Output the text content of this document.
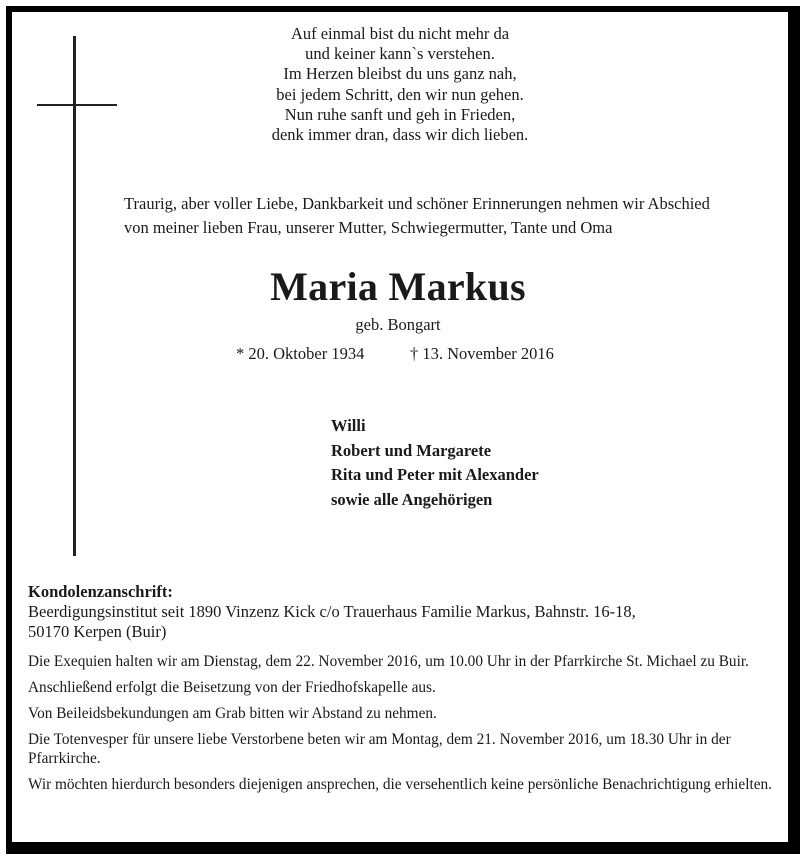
Auf einmal bist du nicht mehr da
und keiner kann`s verstehen.
Im Herzen bleibst du uns ganz nah,
bei jedem Schritt, den wir nun gehen.
Nun ruhe sanft und geh in Frieden,
denk immer dran, dass wir dich lieben.
Traurig, aber voller Liebe, Dankbarkeit und schöner Erinnerungen nehmen wir Abschied
von meiner lieben Frau, unserer Mutter, Schwiegermutter, Tante und Oma
Maria Markus
geb. Bongart
* 20. Oktober 1934	† 13. November 2016
Willi
Robert und Margarete
Rita und Peter mit Alexander
sowie alle Angehörigen
Kondolenzanschrift:
Beerdigungsinstitut seit 1890 Vinzenz Kick c/o Trauerhaus Familie Markus, Bahnstr. 16-18,
50170 Kerpen (Buir)

Die Exequien halten wir am Dienstag, dem 22. November 2016, um 10.00 Uhr in der Pfarrkirche St. Michael zu Buir.

Anschließend erfolgt die Beisetzung von der Friedhofskapelle aus.

Von Beileidsbekundungen am Grab bitten wir Abstand zu nehmen.

Die Totenvesper für unsere liebe Verstorbene beten wir am Montag, dem 21. November 2016, um 18.30 Uhr in der Pfarrkirche.

Wir möchten hierdurch besonders diejenigen ansprechen, die versehentlich keine persönliche Benachrichtigung erhielten.
